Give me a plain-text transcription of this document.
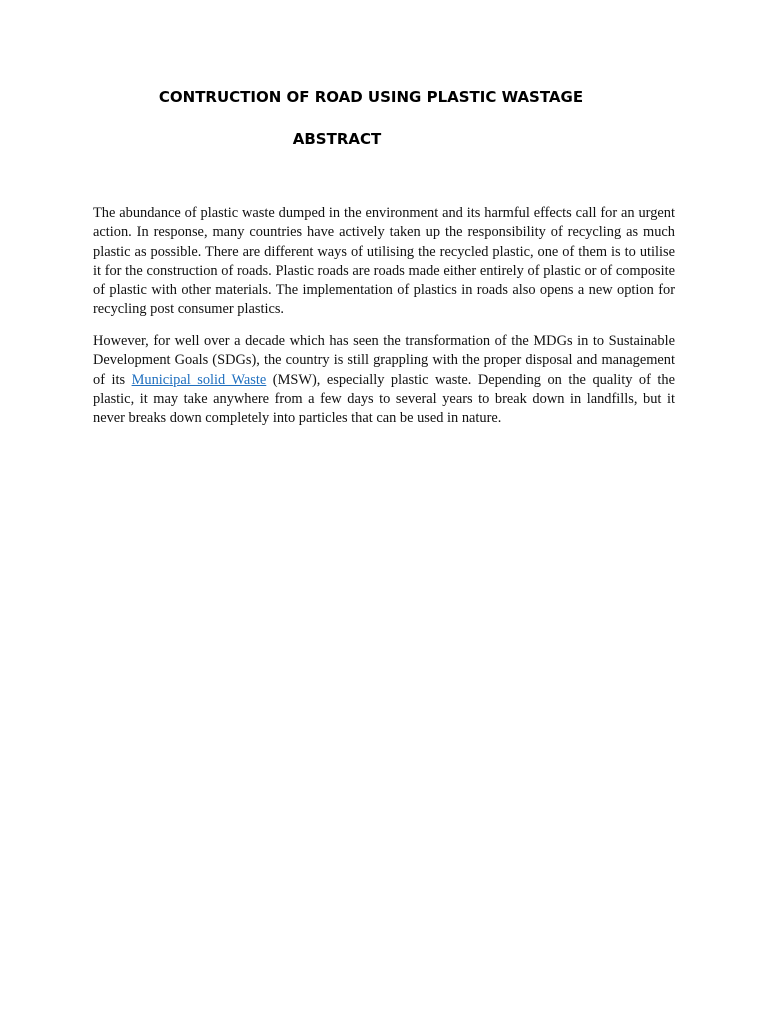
CONTRUCTION OF ROAD USING PLASTIC WASTAGE
ABSTRACT

The abundance of plastic waste dumped in the environment and its harmful effects call for an urgent action. In response, many countries have actively taken up the responsibility of recycling as much plastic as possible. There are different ways of utilising the recycled plastic, one of them is to utilise it for the construction of roads. Plastic roads are roads made either entirely of plastic or of composite of plastic with other materials. The implementation of plastics in roads also opens a new option for recycling post consumer plastics.

However, for well over a decade which has seen the transformation of the MDGs in to Sustainable Development Goals (SDGs), the country is still grappling with the proper disposal and management of its Municipal solid Waste (MSW), especially plastic waste. Depending on the quality of the plastic, it may take anywhere from a few days to several years to break down in landfills, but it never breaks down completely into particles that can be used in nature.
